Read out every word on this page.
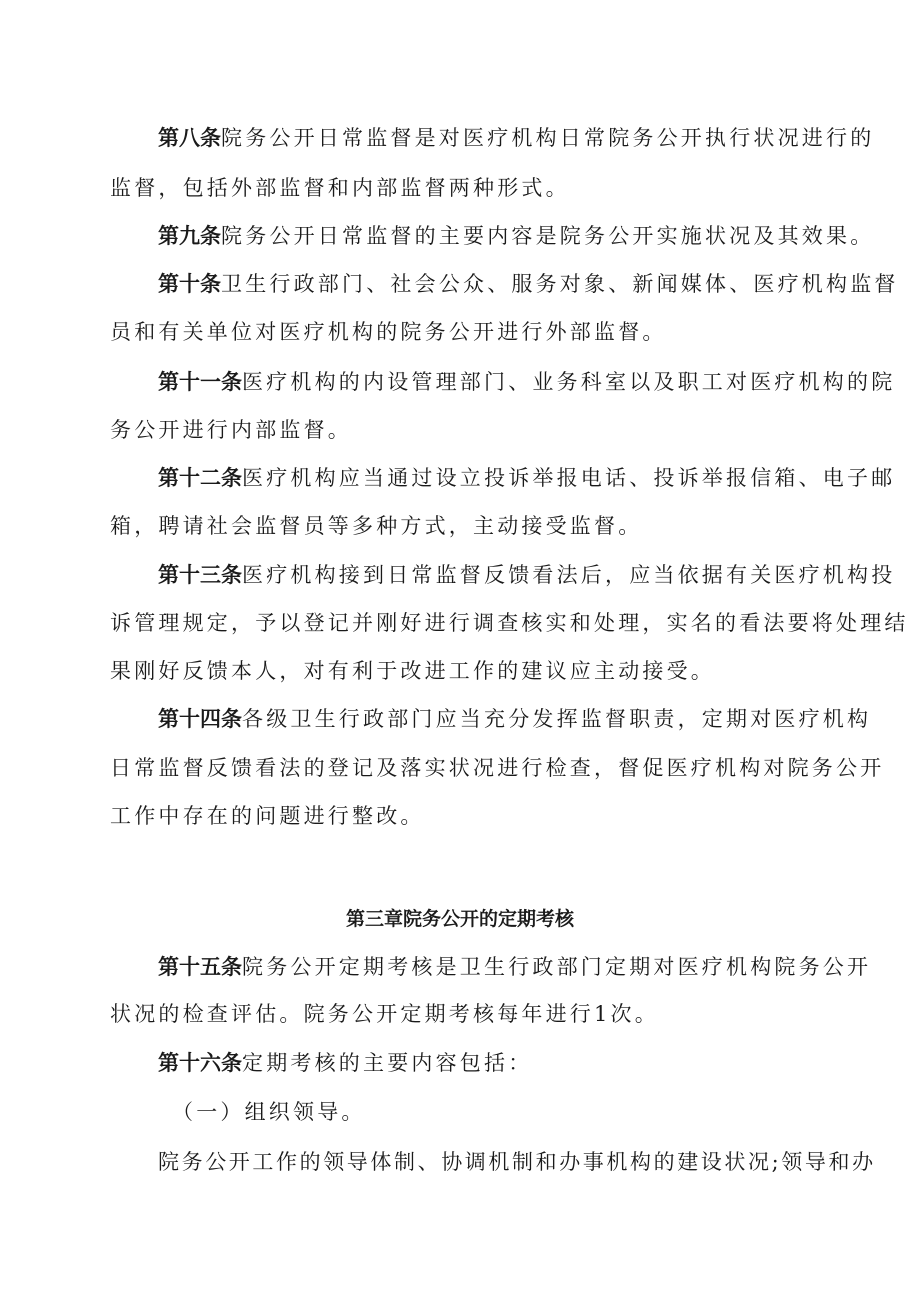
第八条院务公开日常监督是对医疗机构日常院务公开执行状况进行的
监督，包括外部监督和内部监督两种形式。
第九条院务公开日常监督的主要内容是院务公开实施状况及其效果。
第十条卫生行政部门、社会公众、服务对象、新闻媒体、医疗机构监督
员和有关单位对医疗机构的院务公开进行外部监督。
第十一条医疗机构的内设管理部门、业务科室以及职工对医疗机构的院
务公开进行内部监督。
第十二条医疗机构应当通过设立投诉举报电话、投诉举报信箱、电子邮
箱，聘请社会监督员等多种方式，主动接受监督。
第十三条医疗机构接到日常监督反馈看法后，应当依据有关医疗机构投
诉管理规定，予以登记并刚好进行调查核实和处理，实名的看法要将处理结
果刚好反馈本人，对有利于改进工作的建议应主动接受。
第十四条各级卫生行政部门应当充分发挥监督职责，定期对医疗机构
日常监督反馈看法的登记及落实状况进行检查，督促医疗机构对院务公开
工作中存在的问题进行整改。
第三章院务公开的定期考核
第十五条院务公开定期考核是卫生行政部门定期对医疗机构院务公开
状况的检查评估。院务公开定期考核每年进行1次。
第十六条定期考核的主要内容包括：
（一）组织领导。
院务公开工作的领导体制、协调机制和办事机构的建设状况;领导和办
